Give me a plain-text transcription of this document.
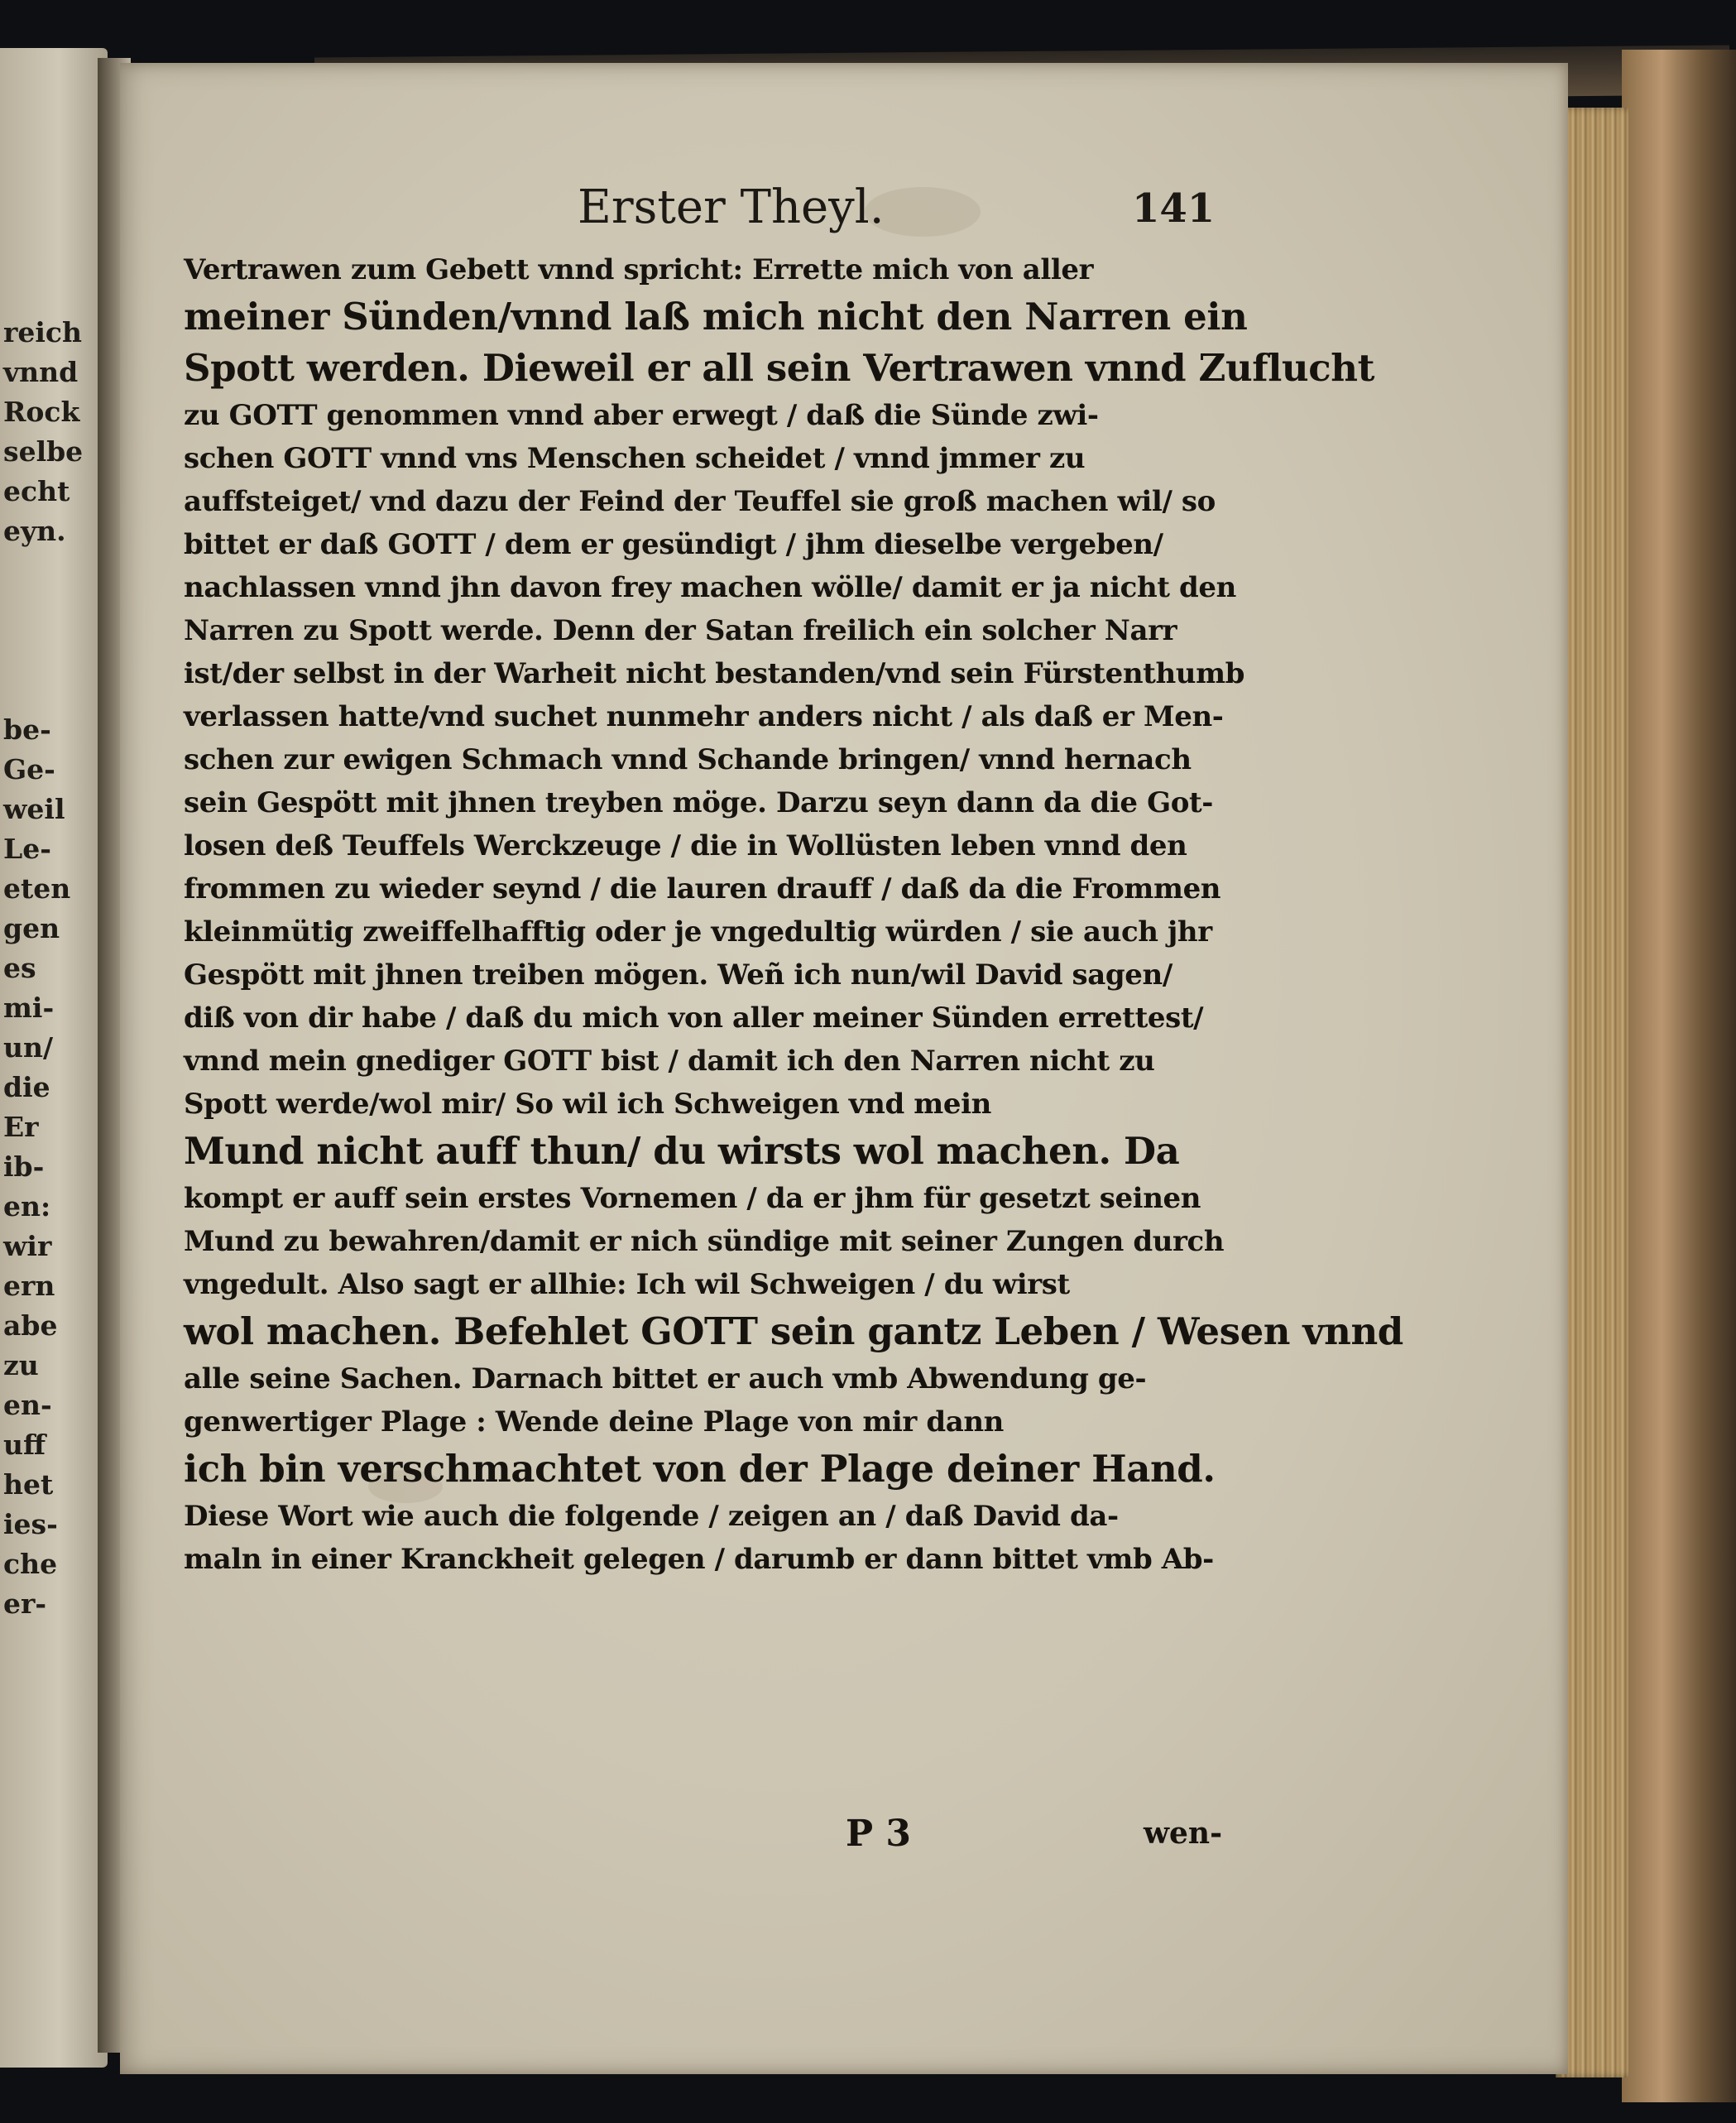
reich
vnnd
Rock
selbe
echt
eyn.
be-
Ge-
weil
Le-
eten
gen
es
mi-
un/
die
Er
ib-
en:
wir
ern
abe
zu
en-
uff
het
ies-
che
er-
Erster Theyl.	141
Vertrawen zum Gebett vnnd spricht: Errette mich von aller
meiner Sünden/vnnd laß mich nicht den Narren ein
Spott werden. Dieweil er all sein Vertrawen vnnd Zuflucht
zu GOTT genommen vnnd aber erwegt / daß die Sünde zwi-
schen GOTT vnnd vns Menschen scheidet / vnnd jmmer zu
auffsteiget/ vnd dazu der Feind der Teuffel sie groß machen wil/ so
bittet er daß GOTT / dem er gesündigt / jhm dieselbe vergeben/
nachlassen vnnd jhn davon frey machen wölle/ damit er ja nicht den
Narren zu Spott werde. Denn der Satan freilich ein solcher Narr
ist/der selbst in der Warheit nicht bestanden/vnd sein Fürstenthumb
verlassen hatte/vnd suchet nunmehr anders nicht / als daß er Men-
schen zur ewigen Schmach vnnd Schande bringen/ vnnd hernach
sein Gespött mit jhnen treyben möge. Darzu seyn dann da die Got-
losen deß Teuffels Werckzeuge / die in Wollüsten leben vnnd den
frommen zu wieder seynd / die lauren drauff / daß da die Frommen
kleinmütig zweiffelhafftig oder je vngedultig würden / sie auch jhr
Gespött mit jhnen treiben mögen. Weñ ich nun/wil David sagen/
diß von dir habe / daß du mich von aller meiner Sünden errettest/
vnnd mein gnediger GOTT bist / damit ich den Narren nicht zu
Spott werde/wol mir/ So wil ich Schweigen vnd mein
Mund nicht auff thun/ du wirsts wol machen. Da
kompt er auff sein erstes Vornemen / da er jhm für gesetzt seinen
Mund zu bewahren/damit er nich sündige mit seiner Zungen durch
vngedult. Also sagt er allhie: Ich wil Schweigen / du wirst
wol machen. Befehlet GOTT sein gantz Leben / Wesen vnnd
alle seine Sachen. Darnach bittet er auch vmb Abwendung ge-
genwertiger Plage : Wende deine Plage von mir dann
ich bin verschmachtet von der Plage deiner Hand.
Diese Wort wie auch die folgende / zeigen an / daß David da-
maln in einer Kranckheit gelegen / darumb er dann bittet vmb Ab-
P 3	wen-
